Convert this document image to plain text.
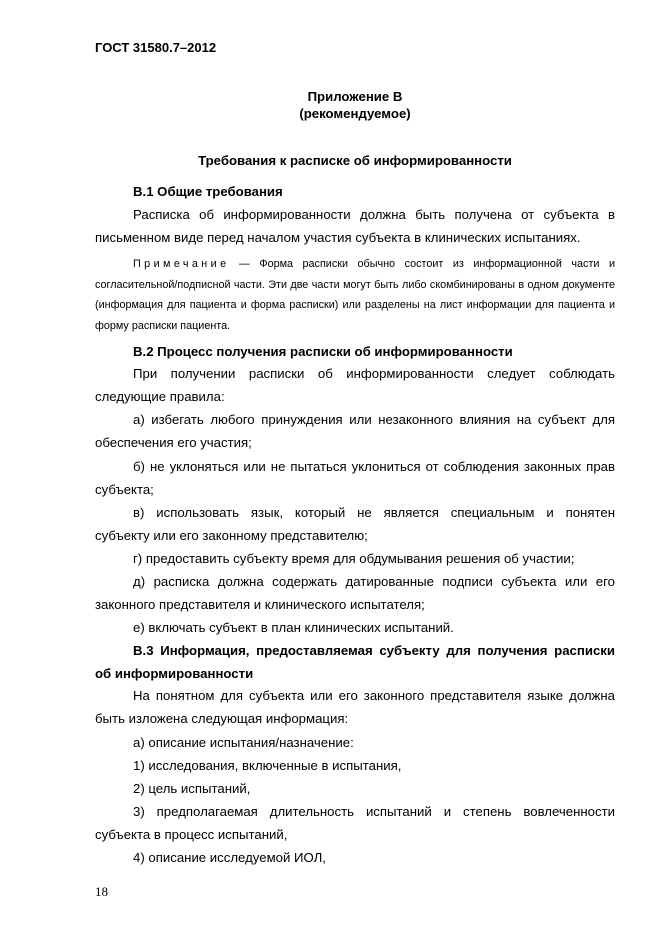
ГОСТ 31580.7–2012
Приложение В
(рекомендуемое)
Требования к расписке об информированности
В.1 Общие требования
Расписка об информированности должна быть получена от субъекта в
письменном виде перед началом участия субъекта в клинических испытаниях.
Примечание — Форма расписки обычно состоит из информационной части и согласительной/подписной части. Эти две части могут быть либо скомбинированы в одном документе (информация для пациента и форма расписки) или разделены на лист информации для пациента и форму расписки пациента.
В.2 Процесс получения расписки об информированности
При получении расписки об информированности следует соблюдать
следующие правила:
а) избегать любого принуждения или незаконного влияния на субъект для
обеспечения его участия;
б) не уклоняться или не пытаться уклониться от соблюдения законных прав
субъекта;
в) использовать язык, который не является специальным и понятен
субъекту или его законному представителю;
г) предоставить субъекту время для обдумывания решения об участии;
д) расписка должна содержать датированные подписи субъекта или его
законного представителя и клинического испытателя;
е) включать субъект в план клинических испытаний.
В.3 Информация, предоставляемая субъекту для получения расписки
об информированности
На понятном для субъекта или его законного представителя языке должна
быть изложена следующая информация:
а) описание испытания/назначение:
1) исследования, включенные в испытания,
2) цель испытаний,
3) предполагаемая длительность испытаний и степень вовлеченности
субъекта в процесс испытаний,
4) описание исследуемой ИОЛ,
18
